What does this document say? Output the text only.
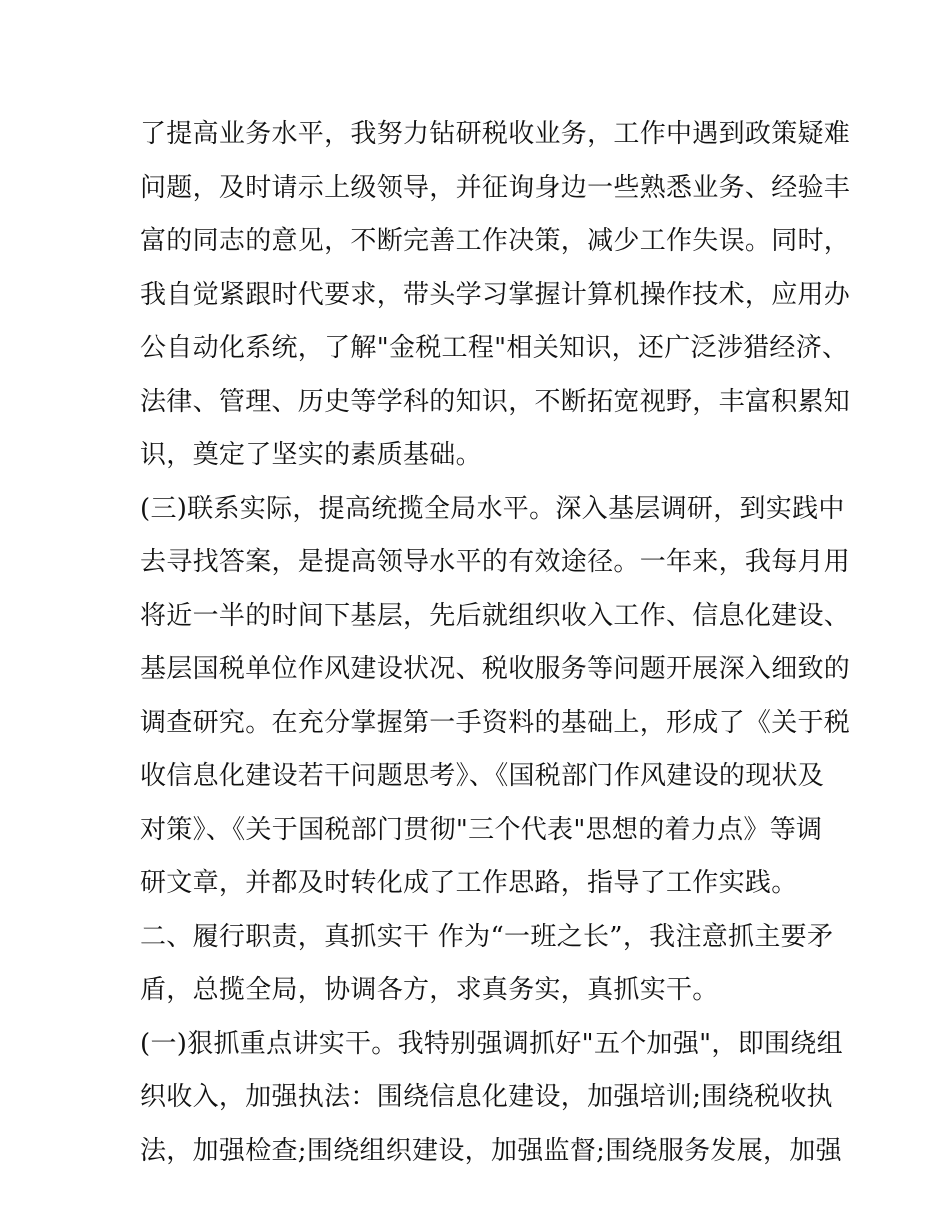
了提高业务水平，我努力钻研税收业务，工作中遇到政策疑难
问题，及时请示上级领导，并征询身边一些熟悉业务、经验丰
富的同志的意见，不断完善工作决策，减少工作失误。同时，
我自觉紧跟时代要求，带头学习掌握计算机操作技术，应用办
公自动化系统，了解"金税工程"相关知识，还广泛涉猎经济、
法律、管理、历史等学科的知识，不断拓宽视野，丰富积累知
识，奠定了坚实的素质基础。
(三)联系实际，提高统揽全局水平。深入基层调研，到实践中
去寻找答案，是提高领导水平的有效途径。一年来，我每月用
将近一半的时间下基层，先后就组织收入工作、信息化建设、
基层国税单位作风建设状况、税收服务等问题开展深入细致的
调查研究。在充分掌握第一手资料的基础上，形成了《关于税
收信息化建设若干问题思考》、《国税部门作风建设的现状及
对策》、《关于国税部门贯彻"三个代表"思想的着力点》等调
研文章，并都及时转化成了工作思路，指导了工作实践。
二、履行职责，真抓实干 作为“一班之长”，我注意抓主要矛
盾，总揽全局，协调各方，求真务实，真抓实干。
(一)狠抓重点讲实干。我特别强调抓好"五个加强"，即围绕组
织收入，加强执法：围绕信息化建设，加强培训;围绕税收执
法，加强检查;围绕组织建设，加强监督;围绕服务发展，加强
